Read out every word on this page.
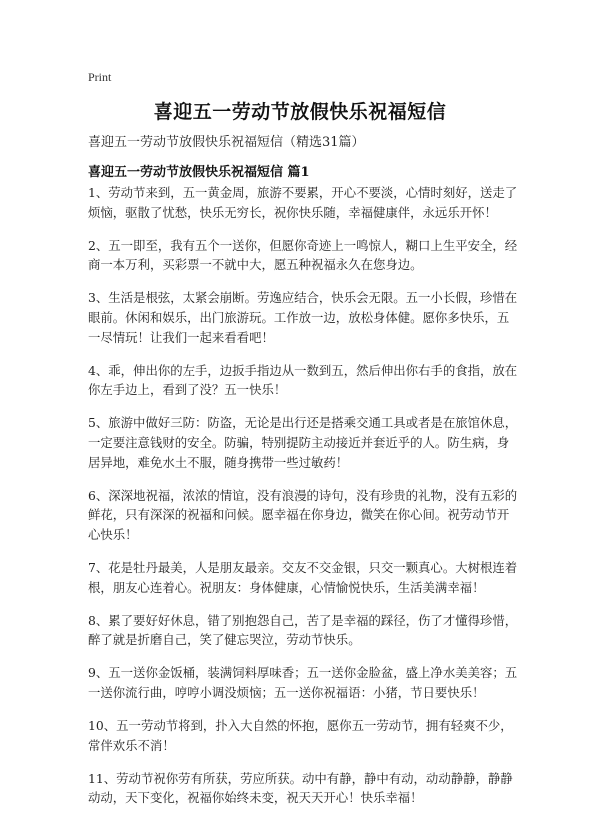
Print
喜迎五一劳动节放假快乐祝福短信
喜迎五一劳动节放假快乐祝福短信（精选31篇）
喜迎五一劳动节放假快乐祝福短信 篇1

1、劳动节来到，五一黄金周，旅游不要累，开心不要淡，心情时刻好，送走了烦恼，驱散了忧愁，快乐无穷长，祝你快乐随，幸福健康伴，永远乐开怀！

2、五一即至，我有五个一送你，但愿你奇迹上一鸣惊人，糊口上生平安全，经商一本万利，买彩票一不就中大，愿五种祝福永久在您身边。

3、生活是根弦，太紧会崩断。劳逸应结合，快乐会无限。五一小长假，珍惜在眼前。休闲和娱乐，出门旅游玩。工作放一边，放松身体健。愿你多快乐，五一尽情玩！让我们一起来看看吧！

4、乖，伸出你的左手，边扳手指边从一数到五，然后伸出你右手的食指，放在你左手边上，看到了没？五一快乐！

5、旅游中做好三防：防盗，无论是出行还是搭乘交通工具或者是在旅馆休息，一定要注意钱财的安全。防骗，特别提防主动接近并套近乎的人。防生病，身居异地，难免水土不服，随身携带一些过敏药！

6、深深地祝福，浓浓的情谊，没有浪漫的诗句，没有珍贵的礼物，没有五彩的鲜花，只有深深的祝福和问候。愿幸福在你身边，微笑在你心间。祝劳动节开心快乐！

7、花是牡丹最美，人是朋友最亲。交友不交金银，只交一颗真心。大树根连着根，朋友心连着心。祝朋友：身体健康，心情愉悦快乐，生活美满幸福！

8、累了要好好休息，错了别抱怨自己，苦了是幸福的踩径，伤了才懂得珍惜，醉了就是折磨自己，笑了健忘哭泣，劳动节快乐。

9、五一送你金饭桶，装满饲料厚味香；五一送你金脸盆，盛上净水美美容；五一送你流行曲，哼哼小调没烦恼；五一送你祝福语：小猪，节日要快乐！

10、五一劳动节将到，扑入大自然的怀抱，愿你五一劳动节，拥有轻爽不少，常伴欢乐不消！

11、劳动节祝你劳有所获，劳应所获。动中有静，静中有动，动动静静，静静动动，天下变化，祝福你始终未变，祝天天开心！快乐幸福！
